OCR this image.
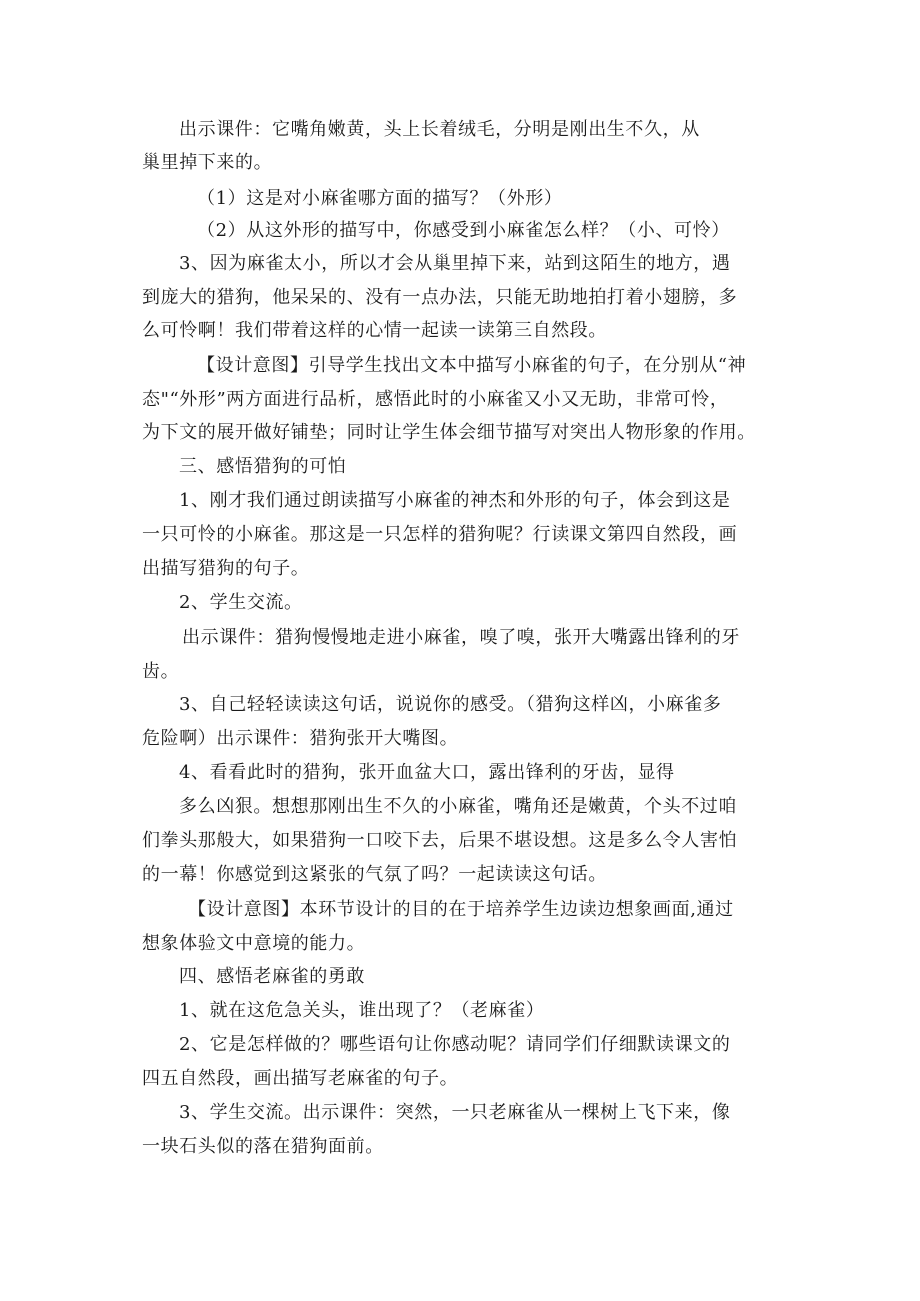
出示课件：它嘴角嫩黄，头上长着绒毛，分明是刚出生不久，从
巢里掉下来的。
（1）这是对小麻雀哪方面的描写？（外形）
（2）从这外形的描写中，你感受到小麻雀怎么样？（小、可怜）
3、因为麻雀太小，所以才会从巢里掉下来，站到这陌生的地方，遇
到庞大的猎狗，他呆呆的、没有一点办法，只能无助地拍打着小翅膀，多
么可怜啊！我们带着这样的心情一起读一读第三自然段。
【设计意图】引导学生找出文本中描写小麻雀的句子，在分别从“神
态"“外形”两方面进行品析，感悟此时的小麻雀又小又无助，非常可怜，
为下文的展开做好铺垫；同时让学生体会细节描写对突出人物形象的作用。
三、感悟猎狗的可怕
1、刚才我们通过朗读描写小麻雀的神杰和外形的句子，体会到这是
一只可怜的小麻雀。那这是一只怎样的猎狗呢？行读课文第四自然段，画
出描写猎狗的句子。
2、学生交流。
出示课件：猎狗慢慢地走进小麻雀，嗅了嗅，张开大嘴露出锋利的牙
齿。
3、自己轻轻读读这句话，说说你的感受。（猎狗这样凶，小麻雀多
危险啊）出示课件：猎狗张开大嘴图。
4、看看此时的猎狗，张开血盆大口，露出锋利的牙齿，显得
多么凶狠。想想那刚出生不久的小麻雀，嘴角还是嫩黄，个头不过咱
们拳头那般大，如果猎狗一口咬下去，后果不堪设想。这是多么令人害怕
的一幕！你感觉到这紧张的气氛了吗？一起读读这句话。
【设计意图】本环节设计的目的在于培养学生边读边想象画面,通过
想象体验文中意境的能力。
四、感悟老麻雀的勇敢
1、就在这危急关头，谁出现了？（老麻雀）
2、它是怎样做的？哪些语句让你感动呢？请同学们仔细默读课文的
四五自然段，画出描写老麻雀的句子。
3、学生交流。出示课件：突然，一只老麻雀从一棵树上飞下来，像
一块石头似的落在猎狗面前。
